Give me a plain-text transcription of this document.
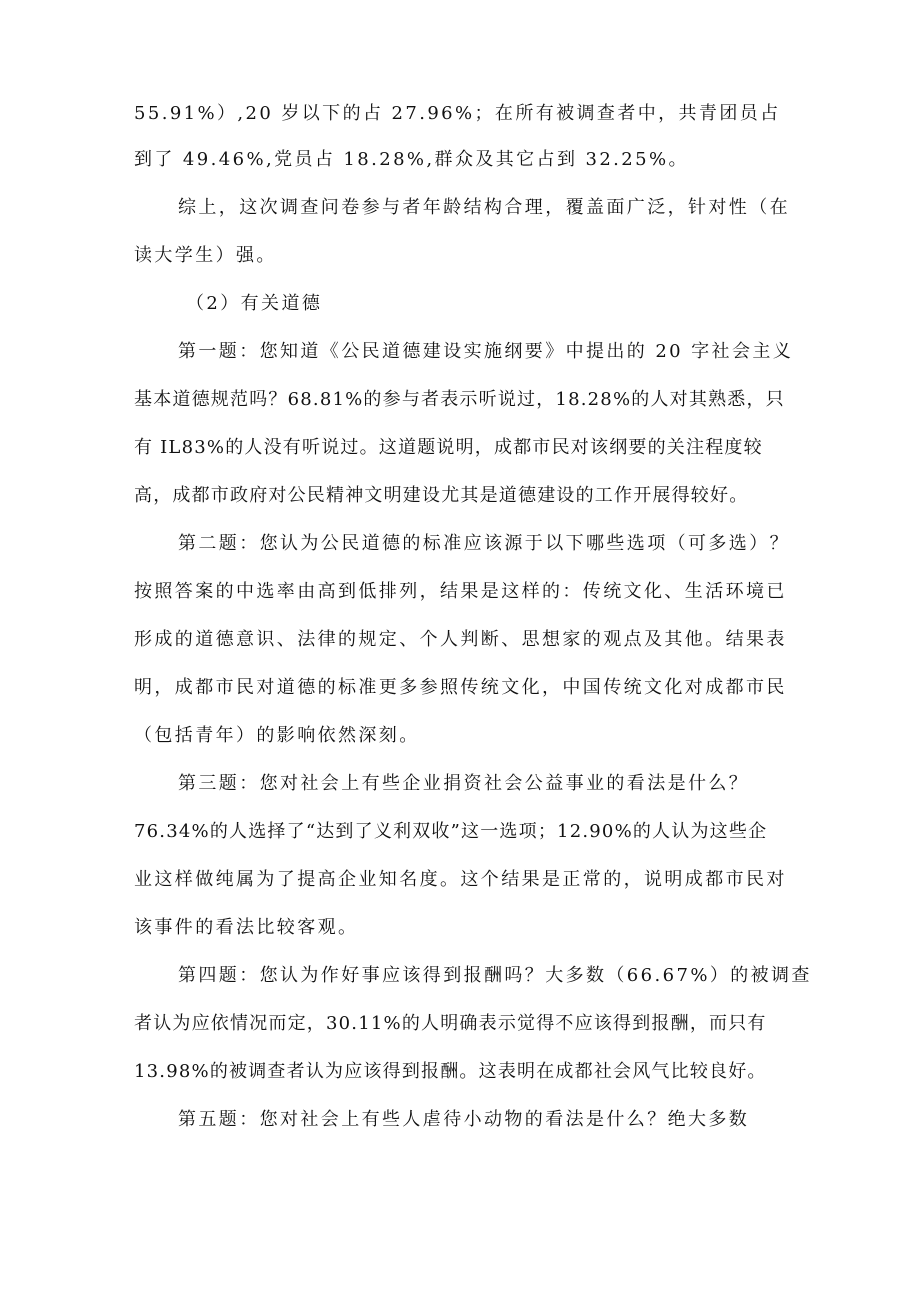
55.91%）,20 岁以下的占 27.96%；在所有被调查者中，共青团员占
到了 49.46%,党员占 18.28%,群众及其它占到 32.25%。
综上，这次调查问卷参与者年龄结构合理，覆盖面广泛，针对性（在
读大学生）强。
（2）有关道德
第一题：您知道《公民道德建设实施纲要》中提出的 20 字社会主义
基本道德规范吗？68.81%的参与者表示听说过，18.28%的人对其熟悉，只
有 IL83%的人没有听说过。这道题说明，成都市民对该纲要的关注程度较
高，成都市政府对公民精神文明建设尤其是道德建设的工作开展得较好。
第二题：您认为公民道德的标准应该源于以下哪些选项（可多选）？
按照答案的中选率由高到低排列，结果是这样的：传统文化、生活环境已
形成的道德意识、法律的规定、个人判断、思想家的观点及其他。结果表
明，成都市民对道德的标准更多参照传统文化，中国传统文化对成都市民
（包括青年）的影响依然深刻。
第三题：您对社会上有些企业捐资社会公益事业的看法是什么？
76.34%的人选择了“达到了义利双收”这一选项；12.90%的人认为这些企
业这样做纯属为了提高企业知名度。这个结果是正常的，说明成都市民对
该事件的看法比较客观。
第四题：您认为作好事应该得到报酬吗？大多数（66.67%）的被调查
者认为应依情况而定，30.11%的人明确表示觉得不应该得到报酬，而只有
13.98%的被调查者认为应该得到报酬。这表明在成都社会风气比较良好。
第五题：您对社会上有些人虐待小动物的看法是什么？绝大多数
